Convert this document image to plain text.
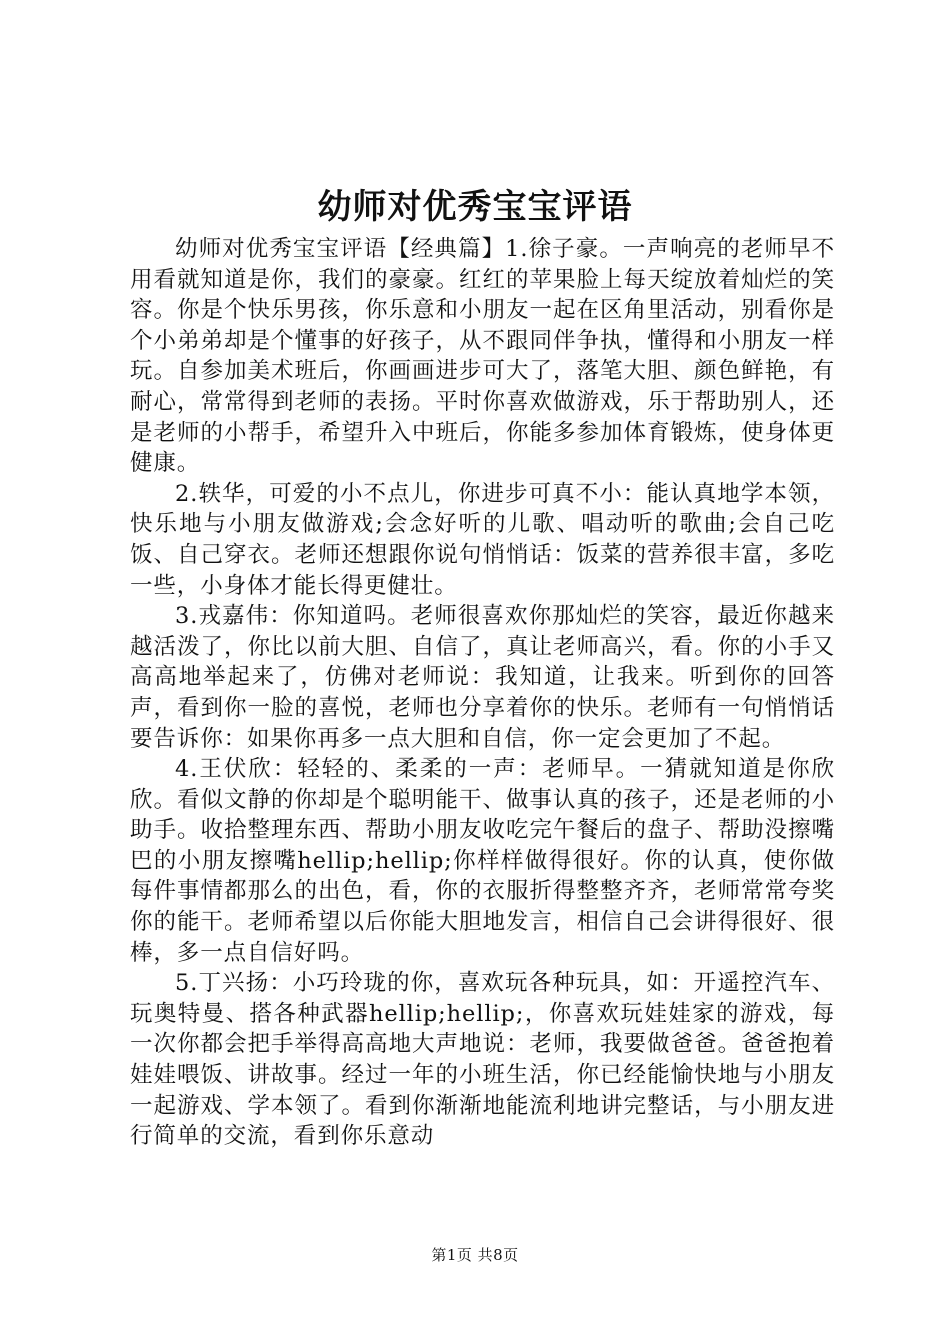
幼师对优秀宝宝评语

幼师对优秀宝宝评语【经典篇】1.徐子豪。一声响亮的老师早不用看就知道是你，我们的豪豪。红红的苹果脸上每天绽放着灿烂的笑容。你是个快乐男孩，你乐意和小朋友一起在区角里活动，别看你是个小弟弟却是个懂事的好孩子，从不跟同伴争执，懂得和小朋友一样玩。自参加美术班后，你画画进步可大了，落笔大胆、颜色鲜艳，有耐心，常常得到老师的表扬。平时你喜欢做游戏，乐于帮助别人，还是老师的小帮手，希望升入中班后，你能多参加体育锻炼，使身体更健康。

2.轶华，可爱的小不点儿，你进步可真不小：能认真地学本领，快乐地与小朋友做游戏;会念好听的儿歌、唱动听的歌曲;会自己吃饭、自己穿衣。老师还想跟你说句悄悄话：饭菜的营养很丰富，多吃一些，小身体才能长得更健壮。

3.戎嘉伟：你知道吗。老师很喜欢你那灿烂的笑容，最近你越来越活泼了，你比以前大胆、自信了，真让老师高兴，看。你的小手又高高地举起来了，仿佛对老师说：我知道，让我来。听到你的回答声，看到你一脸的喜悦，老师也分享着你的快乐。老师有一句悄悄话要告诉你：如果你再多一点大胆和自信，你一定会更加了不起。

4.王伏欣：轻轻的、柔柔的一声：老师早。一猜就知道是你欣欣。看似文静的你却是个聪明能干、做事认真的孩子，还是老师的小助手。收拾整理东西、帮助小朋友收吃完午餐后的盘子、帮助没擦嘴巴的小朋友擦嘴hellip;hellip;你样样做得很好。你的认真，使你做每件事情都那么的出色，看，你的衣服折得整整齐齐，老师常常夸奖你的能干。老师希望以后你能大胆地发言，相信自己会讲得很好、很棒，多一点自信好吗。

5.丁兴扬：小巧玲珑的你，喜欢玩各种玩具，如：开遥控汽车、玩奥特曼、搭各种武器hellip;hellip;，你喜欢玩娃娃家的游戏，每一次你都会把手举得高高地大声地说：老师，我要做爸爸。爸爸抱着娃娃喂饭、讲故事。经过一年的小班生活，你已经能愉快地与小朋友一起游戏、学本领了。看到你渐渐地能流利地讲完整话，与小朋友进行简单的交流，看到你乐意动

第1页 共8页
